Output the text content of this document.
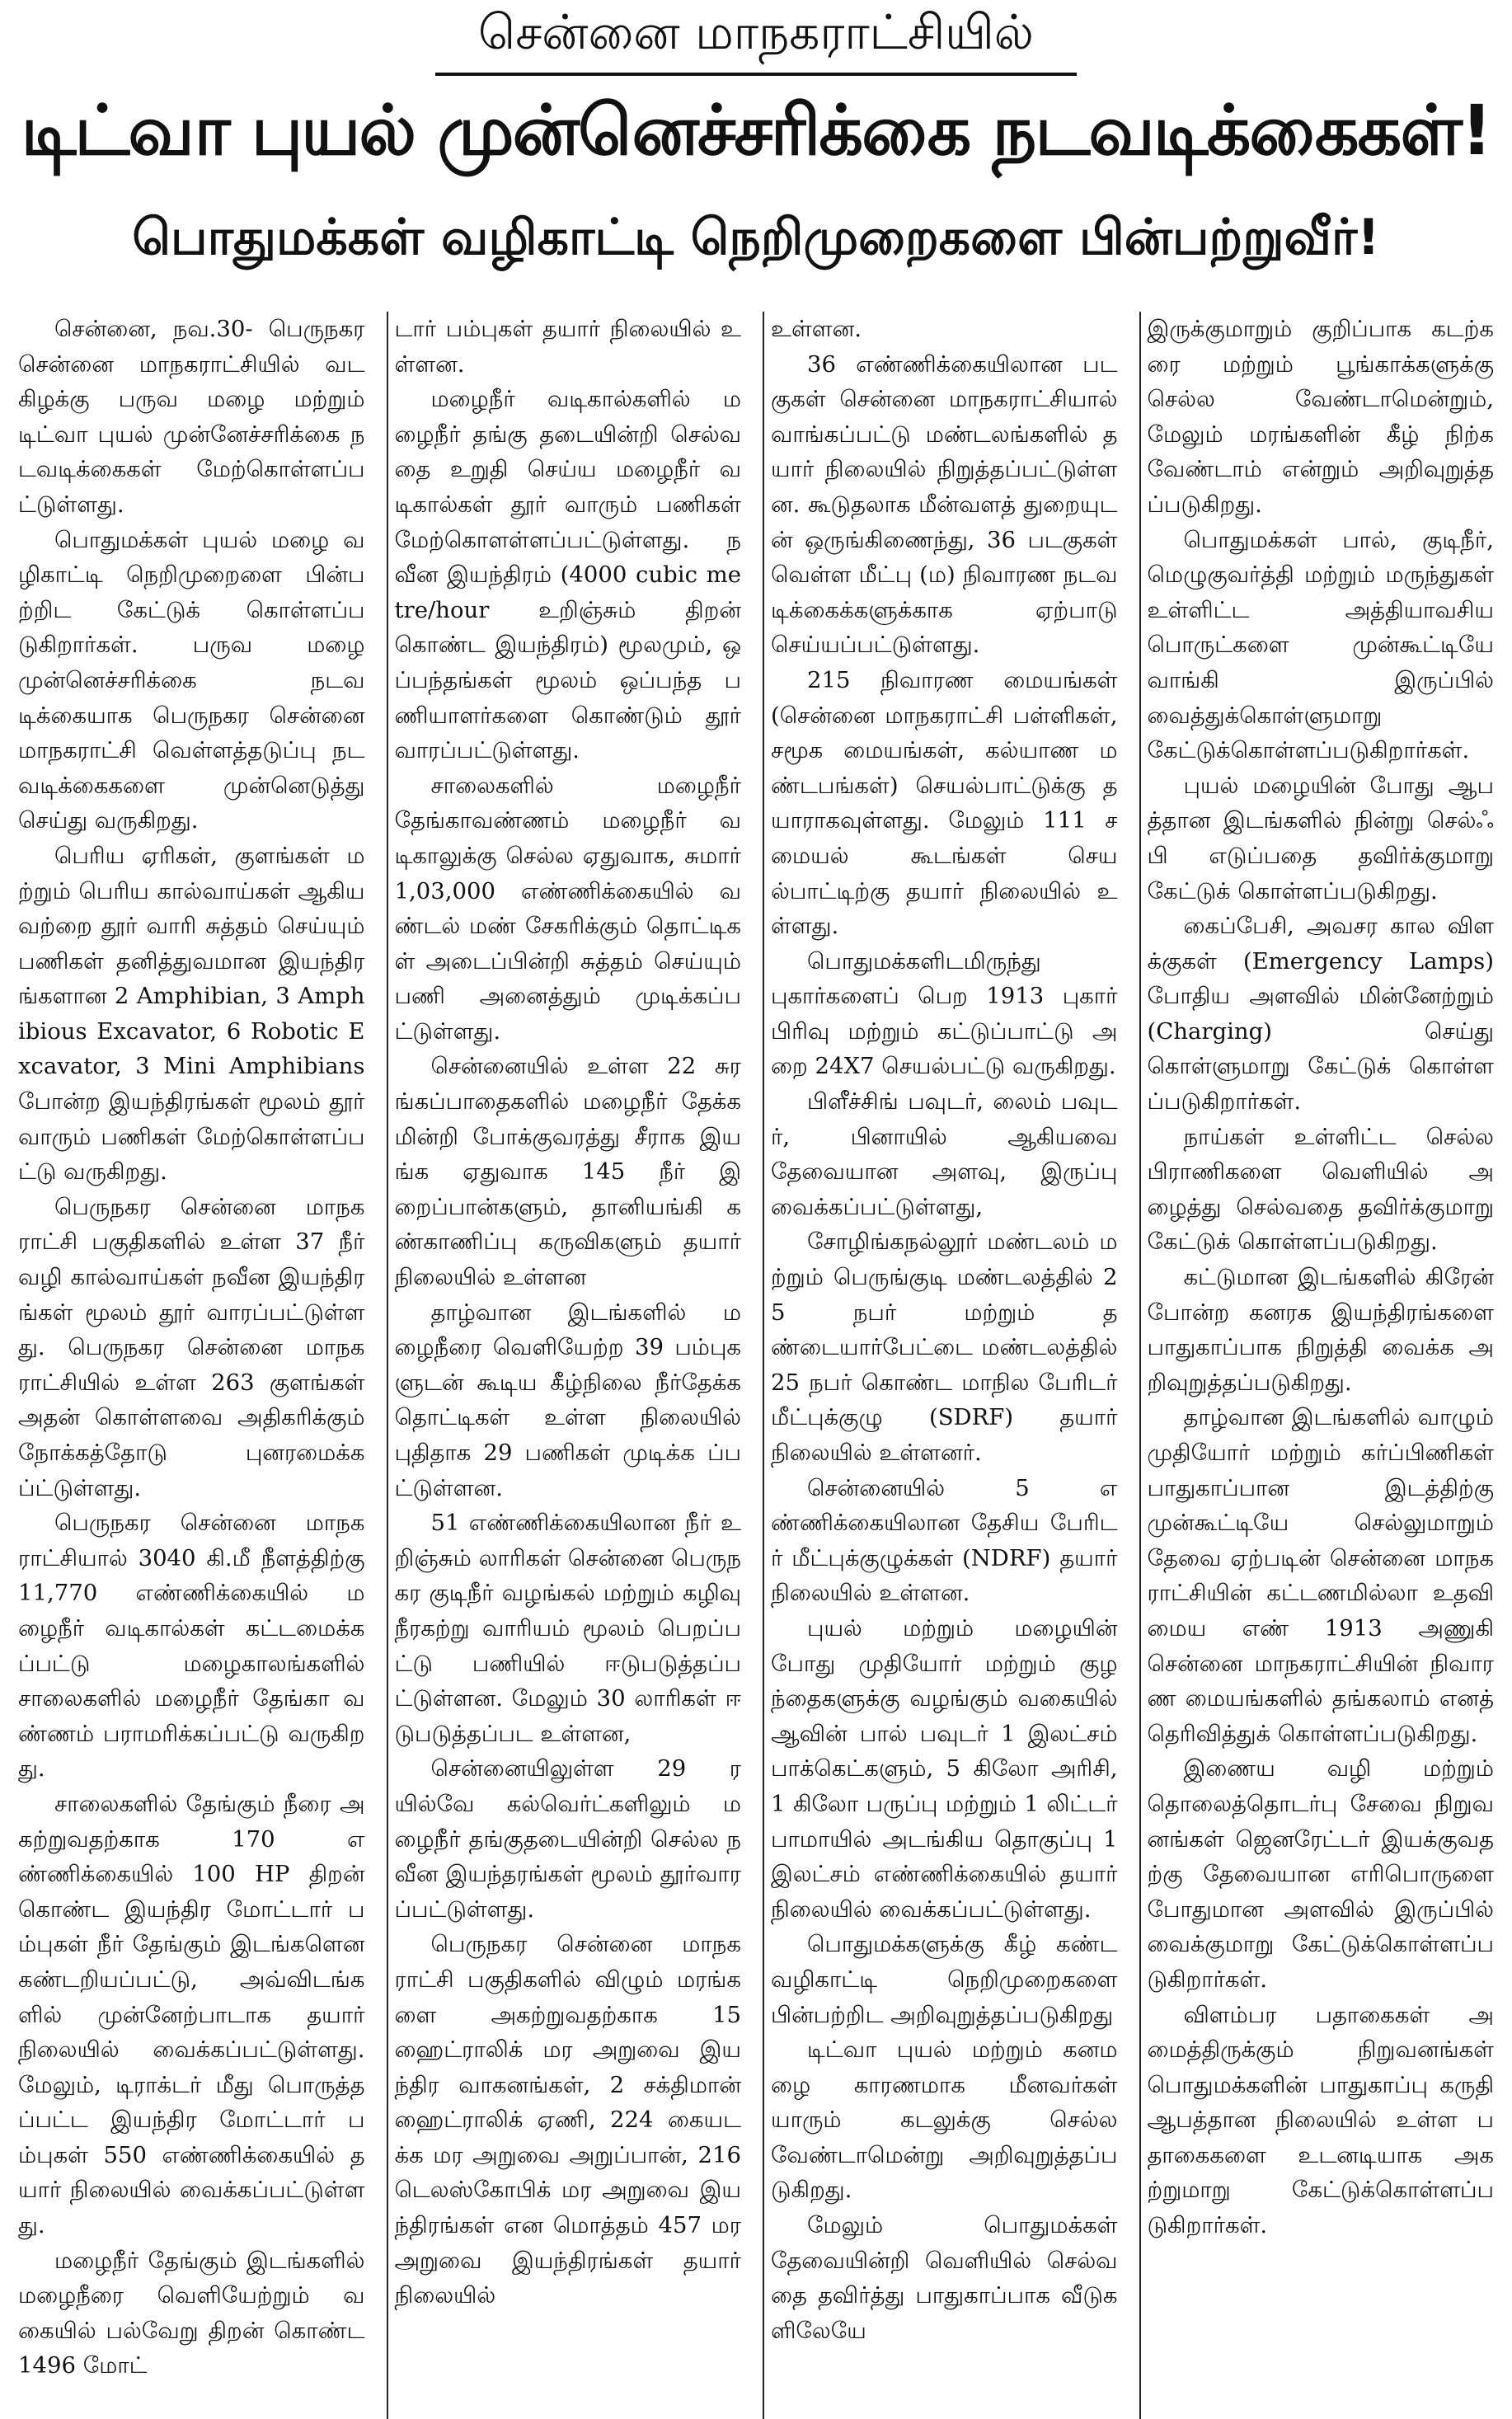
சென்னை மாநகராட்சியில்
டிட்வா புயல் முன்னெச்சரிக்கை நடவடிக்கைகள்!
பொதுமக்கள் வழிகாட்டி நெறிமுறைகளை பின்பற்றுவீர்!

சென்னை, நவ.30- பெருநகர சென்னை மாநகராட்சியில் வடகிழக்கு பருவ மழை மற்றும் டிட்வா புயல் முன்னேச்சரிக்கை நடவடிக்கைகள் மேற்கொள்ளப்பட்டுள்ளது.

பொதுமக்கள் புயல் மழை வழிகாட்டி நெறிமுறைளை பின்பற்றிட கேட்டுக் கொள்ளப்படுகிறார்கள். பருவ மழை முன்னெச்சரிக்கை நடவடிக்கையாக பெருநகர சென்னை மாநகராட்சி வெள்ளத்தடுப்பு நடவடிக்கைகளை முன்னெடுத்து செய்து வருகிறது.

பெரிய ஏரிகள், குளங்கள் மற்றும் பெரிய கால்வாய்கள் ஆகியவற்றை தூர் வாரி சுத்தம் செய்யும் பணிகள் தனித்துவமான இயந்திரங்களான 2 Amphibian, 3 Amphibious Excavator, 6 Robotic Excavator, 3 Mini Amphibians போன்ற இயந்திரங்கள் மூலம் தூர் வாரும் பணிகள் மேற்கொள்ளப்பட்டு வருகிறது.

பெருநகர சென்னை மாநகராட்சி பகுதிகளில் உள்ள 37 நீர் வழி கால்வாய்கள் நவீன இயந்திரங்கள் மூலம் தூர் வாரப்பட்டுள்ளது. பெருநகர சென்னை மாநகராட்சியில் உள்ள 263 குளங்கள் அதன் கொள்ளவை அதிகரிக்கும் நோக்கத்தோடு புனரமைக்கப்ட்டுள்ளது.

பெருநகர சென்னை மாநகராட்சியால் 3040 கி.மீ நீளத்திற்கு 11,770 எண்ணிக்கையில் மழைநீர் வடிகால்கள் கட்டமைக்கப்பட்டு மழைகாலங்களில் சாலைகளில் மழைநீர் தேங்கா வண்ணம் பராமரிக்கப்பட்டு வருகிறது.

சாலைகளில் தேங்கும் நீரை அகற்றுவதற்காக 170 எண்ணிக்கையில் 100 HP திறன் கொண்ட இயந்திர மோட்டார் பம்புகள் நீர் தேங்கும் இடங்களென கண்டறியப்பட்டு, அவ்விடங்களில் முன்னேற்பாடாக தயார் நிலையில் வைக்கப்பட்டுள்ளது. மேலும், டிராக்டர் மீது பொருத்தப்பட்ட இயந்திர மோட்டார் பம்புகள் 550 எண்ணிக்கையில் தயார் நிலையில் வைக்கப்பட்டுள்ளது.

மழைநீர் தேங்கும் இடங்களில் மழைநீரை வெளியேற்றும் வகையில் பல்வேறு திறன் கொண்ட 1496 மோட்

டார் பம்புகள் தயார் நிலையில் உள்ளன.

மழைநீர் வடிகால்களில் மழைநீர் தங்கு தடையின்றி செல்வதை உறுதி செய்ய மழைநீர் வடிகால்கள் தூர் வாரும் பணிகள் மேற்கொளள்ளப்பட்டுள்ளது. நவீன இயந்திரம் (4000 cubic metre/hour உறிஞ்சும் திறன் கொண்ட இயந்திரம்) மூலமும், ஒப்பந்தங்கள் மூலம் ஒப்பந்த பணியாளர்களை கொண்டும் தூர் வாரப்பட்டுள்ளது.

சாலைகளில் மழைநீர் தேங்காவண்ணம் மழைநீர் வடிகாலுக்கு செல்ல ஏதுவாக, சுமார் 1,03,000 எண்ணிக்கையில் வண்டல் மண் சேகரிக்கும் தொட்டிகள் அடைப்பின்றி சுத்தம் செய்யும் பணி அனைத்தும் முடிக்கப்பட்டுள்ளது.

சென்னையில் உள்ள 22 சுரங்கப்பாதைகளில் மழைநீர் தேக்கமின்றி போக்குவரத்து சீராக இயங்க ஏதுவாக 145 நீர் இறைப்பான்களும், தானியங்கி கண்காணிப்பு கருவிகளும் தயார் நிலையில் உள்ளன

தாழ்வான இடங்களில் மழைநீரை வெளியேற்ற 39 பம்புகளுடன் கூடிய கீழ்நிலை நீர்தேக்க தொட்டிகள் உள்ள நிலையில் புதிதாக 29 பணிகள் முடிக்க ப்பட்டுள்ளன.

51 எண்ணிக்கையிலான நீர் உறிஞ்சும் லாரிகள் சென்னை பெருநகர குடிநீர் வழங்கல் மற்றும் கழிவு நீரகற்று வாரியம் மூலம் பெறப்பட்டு பணியில் ஈடுபடுத்தப்பட்டுள்ளன. மேலும் 30 லாரிகள் ஈடுபடுத்தப்பட உள்ளன,

சென்னையிலுள்ள 29 ரயில்வே கல்வெர்ட்களிலும் மழைநீர் தங்குதடையின்றி செல்ல நவீன இயந்தரங்கள் மூலம் தூர்வாரப்பட்டுள்ளது.

பெருநகர சென்னை மாநகராட்சி பகுதிகளில் விழும் மரங்களை அகற்றுவதற்காக 15 ஹைட்ராலிக் மர அறுவை இயந்திர வாகனங்கள், 2 சக்திமான் ஹைட்ராலிக் ஏணி, 224 கையடக்க மர அறுவை அறுப்பான், 216 டெலஸ்கோபிக் மர அறுவை இயந்திரங்கள் என மொத்தம் 457 மர அறுவை இயந்திரங்கள் தயார் நிலையில்

உள்ளன.

36 எண்ணிக்கையிலான படகுகள் சென்னை மாநகராட்சியால் வாங்கப்பட்டு மண்டலங்களில் தயார் நிலையில் நிறுத்தப்பட்டுள்ளன. கூடுதலாக மீன்வளத் துறையுடன் ஒருங்கிணைந்து, 36 படகுகள் வெள்ள மீட்பு (ம) நிவாரண நடவடிக்கைக்களுக்காக ஏற்பாடு செய்யப்பட்டுள்ளது.

215 நிவாரண மையங்கள் (சென்னை மாநகராட்சி பள்ளிகள், சமூக மையங்கள், கல்யாண மண்டபங்கள்) செயல்பாட்டுக்கு தயாராகவுள்ளது. மேலும் 111 சமையல் கூடங்கள் செயல்பாட்டிற்கு தயார் நிலையில் உள்ளது.

பொதுமக்களிடமிருந்து புகார்களைப் பெற 1913 புகார் பிரிவு மற்றும் கட்டுப்பாட்டு அறை 24X7 செயல்பட்டு வருகிறது.

பிளீச்சிங் பவுடர், லைம் பவுடர், பினாயில் ஆகியவை தேவையான அளவு, இருப்பு வைக்கப்பட்டுள்ளது,

சோழிங்கநல்லூர் மண்டலம் மற்றும் பெருங்குடி மண்டலத்தில் 25 நபர் மற்றும் தண்டையார்பேட்டை மண்டலத்தில் 25 நபர் கொண்ட மாநில பேரிடர் மீட்புக்குழு (SDRF) தயார் நிலையில் உள்ளனர்.

சென்னையில் 5 எண்ணிக்கையிலான தேசிய பேரிடர் மீட்புக்குழுக்கள் (NDRF) தயார் நிலையில் உள்ளன.

புயல் மற்றும் மழையின் போது முதியோர் மற்றும் குழந்தைகளுக்கு வழங்கும் வகையில் ஆவின் பால் பவுடர் 1 இலட்சம் பாக்கெட்களும், 5 கிலோ அரிசி, 1 கிலோ பருப்பு மற்றும் 1 லிட்டர் பாமாயில் அடங்கிய தொகுப்பு 1 இலட்சம் எண்ணிக்கையில் தயார் நிலையில் வைக்கப்பட்டுள்ளது.

பொதுமக்களுக்கு கீழ் கண்ட வழிகாட்டி நெறிமுறைகளை பின்பற்றிட அறிவுறுத்தப்படுகிறது

டிட்வா புயல் மற்றும் கனமழை காரணமாக மீனவர்கள் யாரும் கடலுக்கு செல்ல வேண்டாமென்று அறிவுறுத்தப்படுகிறது.

மேலும் பொதுமக்கள் தேவையின்றி வெளியில் செல்வதை தவிர்த்து பாதுகாப்பாக வீடுகளிலேயே

இருக்குமாறும் குறிப்பாக கடற்கரை மற்றும் பூங்காக்களுக்கு செல்ல வேண்டாமென்றும், மேலும் மரங்களின் கீழ் நிற்க வேண்டாம் என்றும் அறிவுறுத்தப்படுகிறது.

பொதுமக்கள் பால், குடிநீர், மெழுகுவர்த்தி மற்றும் மருந்துகள் உள்ளிட்ட அத்தியாவசிய பொருட்களை முன்கூட்டியே வாங்கி இருப்பில் வைத்துக்கொள்ளுமாறு கேட்டுக்கொள்ளப்படுகிறார்கள்.

புயல் மழையின் போது ஆபத்தான இடங்களில் நின்று செல்ஃபி எடுப்பதை தவிர்க்குமாறு கேட்டுக் கொள்ளப்படுகிறது.

கைப்பேசி, அவசர கால விளக்குகள் (Emergency Lamps) போதிய அளவில் மின்னேற்றும் (Charging) செய்து கொள்ளுமாறு கேட்டுக் கொள்ளப்படுகிறார்கள்.

நாய்கள் உள்ளிட்ட செல்ல பிராணிகளை வெளியில் அழைத்து செல்வதை தவிர்க்குமாறு கேட்டுக் கொள்ளப்படுகிறது.

கட்டுமான இடங்களில் கிரேன் போன்ற கனரக இயந்திரங்களை பாதுகாப்பாக நிறுத்தி வைக்க அறிவுறுத்தப்படுகிறது.

தாழ்வான இடங்களில் வாழும் முதியோர் மற்றும் கர்ப்பிணிகள் பாதுகாப்பான இடத்திற்கு முன்கூட்டியே செல்லுமாறும் தேவை ஏற்படின் சென்னை மாநகராட்சியின் கட்டணமில்லா உதவி மைய எண் 1913 அணுகி சென்னை மாநகராட்சியின் நிவாரண மையங்களில் தங்கலாம் எனத் தெரிவித்துக் கொள்ளப்படுகிறது.

இணைய வழி மற்றும் தொலைத்தொடர்பு சேவை நிறுவனங்கள் ஜெனரேட்டர் இயக்குவதற்கு தேவையான எரிபொருளை போதுமான அளவில் இருப்பில் வைக்குமாறு கேட்டுக்கொள்ளப்படுகிறார்கள்.

விளம்பர பதாகைகள் அமைத்திருக்கும் நிறுவனங்கள் பொதுமக்களின் பாதுகாப்பு கருதி ஆபத்தான நிலையில் உள்ள பதாகைகளை உடனடியாக அகற்றுமாறு கேட்டுக்கொள்ளப்படுகிறார்கள்.
